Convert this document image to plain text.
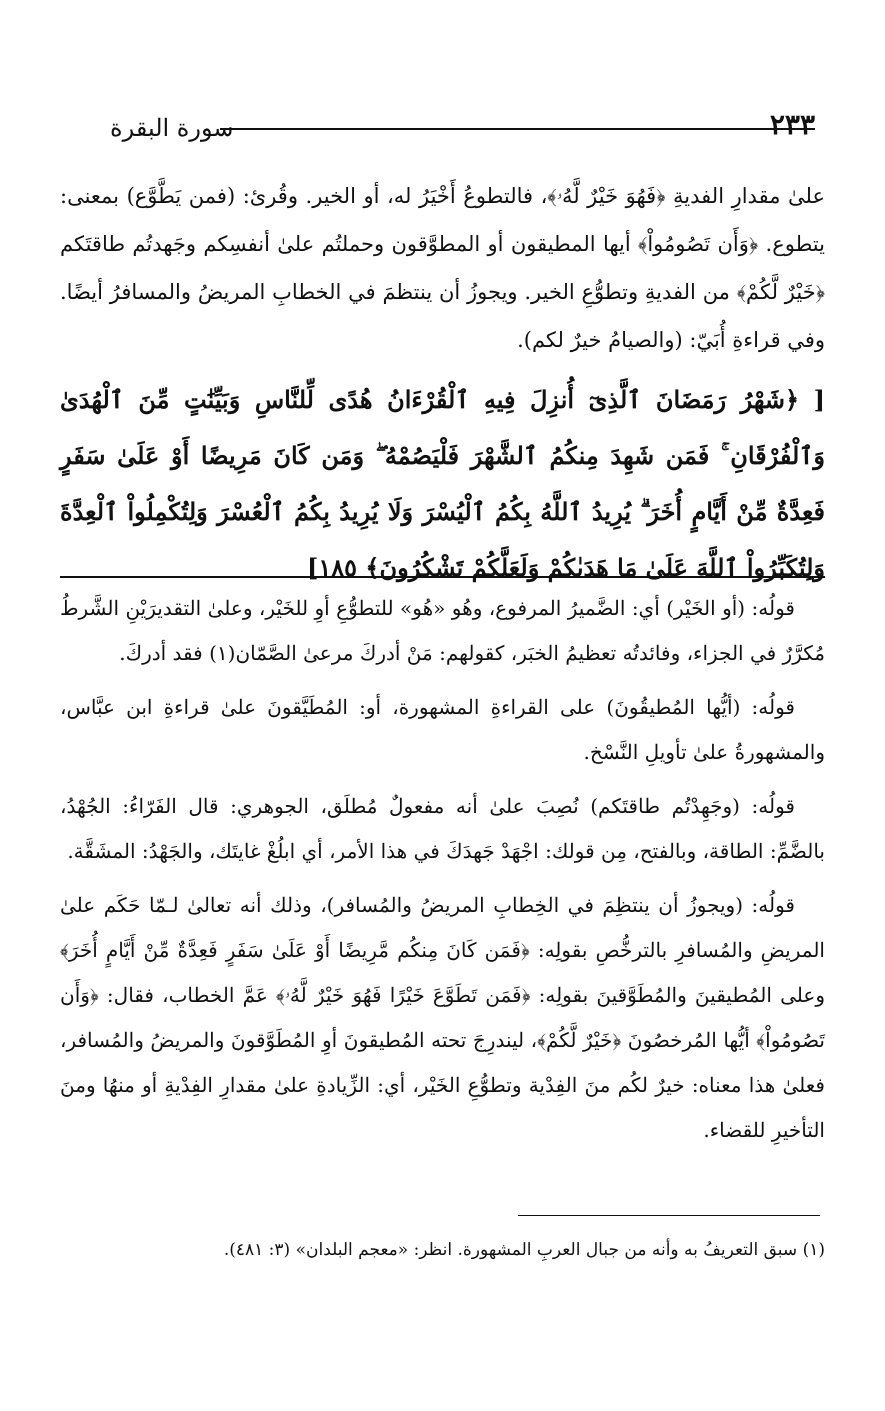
٢٣٣
سورة البقرة

علىٰ مقدارِ الفديةِ ﴿فَهُوَ خَيْرٌ لَّهُۥ﴾، فالتطوعُ أَخْيَرُ له، أو الخير. وقُرئ: (فمن يَطَّوَّع) بمعنى: يتطوع. ﴿وَأَن تَصُومُواْ﴾ أيها المطيقون أو المطوَّقون وحملتُم علىٰ أنفسِكم وجَهدتُم طاقتَكم ﴿خَيْرٌ لَّكُمْ﴾ من الفديةِ وتطوُّعِ الخير. ويجوزُ أن ينتظمَ في الخطابِ المريضُ والمسافرُ أيضًا. وفي قراءةِ أُبَيّ: (والصيامُ خيرٌ لكم).

[ ﴿شَهْرُ رَمَضَانَ ٱلَّذِىٓ أُنزِلَ فِيهِ ٱلْقُرْءَانُ هُدًى لِّلنَّاسِ وَبَيِّنَٰتٍ مِّنَ ٱلْهُدَىٰ وَٱلْفُرْقَانِ ۚ فَمَن شَهِدَ مِنكُمُ ٱلشَّهْرَ فَلْيَصُمْهُ ۖ وَمَن كَانَ مَرِيضًا أَوْ عَلَىٰ سَفَرٍ فَعِدَّةٌ مِّنْ أَيَّامٍ أُخَرَ ۗ يُرِيدُ ٱللَّهُ بِكُمُ ٱلْيُسْرَ وَلَا يُرِيدُ بِكُمُ ٱلْعُسْرَ وَلِتُكْمِلُواْ ٱلْعِدَّةَ وَلِتُكَبِّرُواْ ٱللَّهَ عَلَىٰ مَا هَدَىٰكُمْ وَلَعَلَّكُمْ تَشْكُرُونَ﴾ ١٨٥]

قولُه: (أو الخَيْر) أي: الضَّميرُ المرفوع، وهُو «هُو» للتطوُّعِ أوِ للخَيْر، وعلىٰ التقديرَيْنِ الشَّرطُ مُكرَّرٌ في الجزاء، وفائدتُه تعظيمُ الخبَر، كقولهم: مَنْ أدركَ مرعىٰ الصَّمّان(١) فقد أدركَ.

قولُه: (أيُّها المُطيقُونَ) على القراءةِ المشهورة، أو: المُطَيَّقونَ علىٰ قراءةِ ابن عبَّاس، والمشهورةُ علىٰ تأويلِ النَّسْخ.

قولُه: (وجَهِدْتُم طاقتَكم) نُصِبَ علىٰ أنه مفعولٌ مُطلَق، الجوهري: قال الفَرّاءُ: الجُهْدُ، بالضَّمِّ: الطاقة، وبالفتح، مِن قولك: اجْهَدْ جَهدَكَ في هذا الأمر، أي ابلُغْ غايتَك، والجَهْدُ: المشَقَّة.

قولُه: (ويجوزُ أن ينتظِمَ في الخِطابِ المريضُ والمُسافر)، وذلك أنه تعالىٰ لـمّا حَكَم علىٰ المريضِ والمُسافرِ بالترخُّصِ بقولِه: ﴿فَمَن كَانَ مِنكُم مَّرِيضًا أَوْ عَلَىٰ سَفَرٍ فَعِدَّةٌ مِّنْ أَيَّامٍ أُخَرَ﴾ وعلى المُطيقينَ والمُطَوَّقينَ بقولِه: ﴿فَمَن تَطَوَّعَ خَيْرًا فَهُوَ خَيْرٌ لَّهُۥ﴾ عَمَّ الخطاب، فقال: ﴿وَأَن تَصُومُواْ﴾ أيُّها المُرخصُونَ ﴿خَيْرٌ لَّكُمْ﴾، ليندرِجَ تحته المُطيقونَ أوِ المُطَوَّقونَ والمريضُ والمُسافر، فعلىٰ هذا معناه: خيرٌ لكُم منَ الفِدْية وتطوُّعِ الخَيْر، أي: الزِّيادةِ علىٰ مقدارِ الفِدْيةِ أو منهُا ومنَ التأخيرِ للقضاء.

(١) سبق التعريفُ به وأنه من جبال العربِ المشهورة. انظر: «معجم البلدان» (٣: ٤٨١).
